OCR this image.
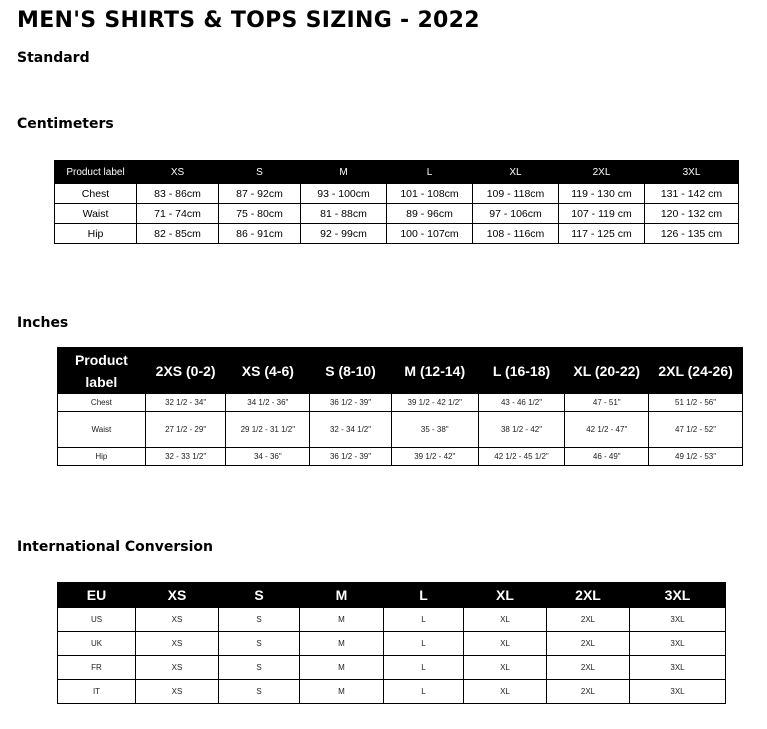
MEN'S SHIRTS & TOPS SIZING - 2022
Standard
Centimeters
Product label	XS	S	M	L	XL	2XL	3XL
Chest	83 - 86cm	87 - 92cm	93 - 100cm	101 - 108cm	109 - 118cm	119 - 130 cm	131 - 142 cm
Waist	71 - 74cm	75 - 80cm	81 - 88cm	89 - 96cm	97 - 106cm	107 - 119 cm	120 - 132 cm
Hip	82 - 85cm	86 - 91cm	92 - 99cm	100 - 107cm	108 - 116cm	117 - 125 cm	126 - 135 cm
Inches
Product label	2XS (0-2)	XS (4-6)	S (8-10)	M (12-14)	L (16-18)	XL (20-22)	2XL (24-26)
Chest	32 1/2 - 34"	34 1/2 - 36"	36 1/2 - 39"	39 1/2 - 42 1/2"	43 - 46 1/2"	47 - 51"	51 1/2 - 56"
Waist	27 1/2 - 29"	29 1/2 - 31 1/2"	32 - 34 1/2"	35 - 38"	38 1/2 - 42"	42 1/2 - 47"	47 1/2 - 52"
Hip	32 - 33 1/2"	34 - 36"	36 1/2 - 39"	39 1/2 - 42"	42 1/2 - 45 1/2"	46 - 49"	49 1/2 - 53"
International Conversion
EU	XS	S	M	L	XL	2XL	3XL
US	XS	S	M	L	XL	2XL	3XL
UK	XS	S	M	L	XL	2XL	3XL
FR	XS	S	M	L	XL	2XL	3XL
IT	XS	S	M	L	XL	2XL	3XL
